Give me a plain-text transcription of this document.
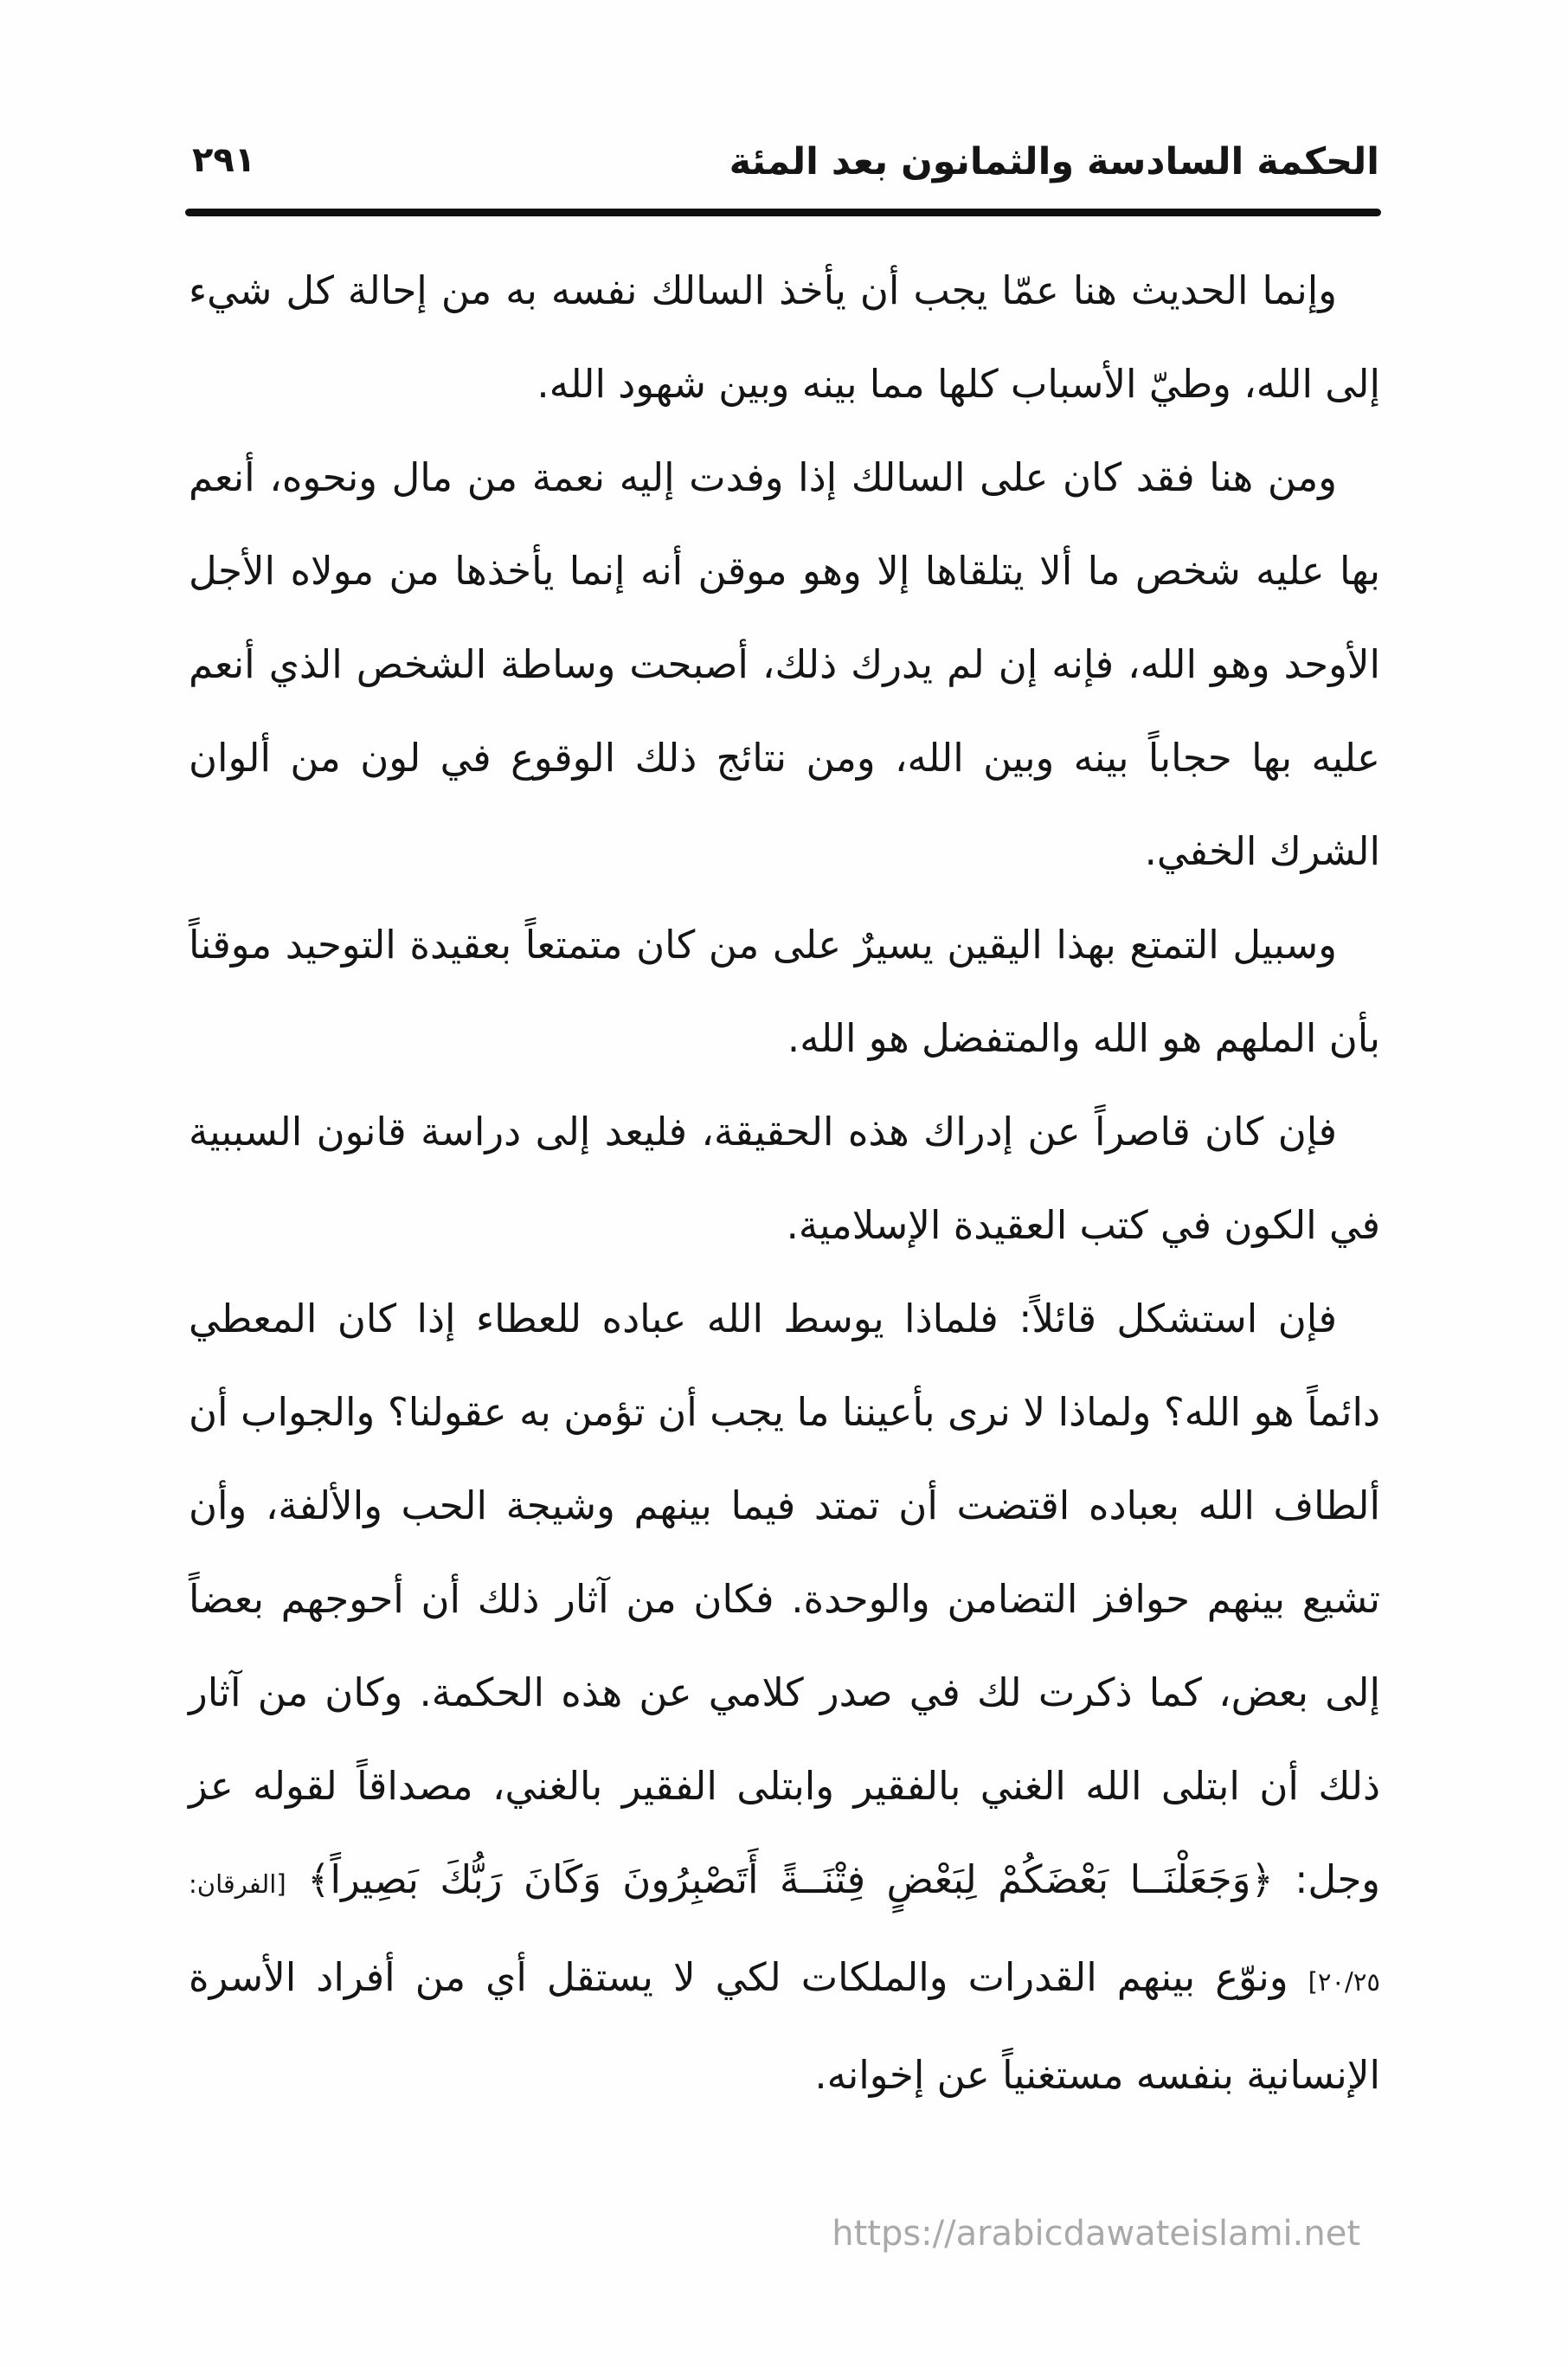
الحكمة السادسة والثمانون بعد المئة
٢٩١

وإنما الحديث هنا عمّا يجب أن يأخذ السالك نفسه به من إحالة كل شيء إلى الله، وطيّ الأسباب كلها مما بينه وبين شهود الله.

ومن هنا فقد كان على السالك إذا وفدت إليه نعمة من مال ونحوه، أنعم بها عليه شخص ما ألا يتلقاها إلا وهو موقن أنه إنما يأخذها من مولاه الأجل الأوحد وهو الله، فإنه إن لم يدرك ذلك، أصبحت وساطة الشخص الذي أنعم عليه بها حجاباً بينه وبين الله، ومن نتائج ذلك الوقوع في لون من ألوان الشرك الخفي.

وسبيل التمتع بهذا اليقين يسيرٌ على من كان متمتعاً بعقيدة التوحيد موقناً بأن الملهم هو الله والمتفضل هو الله.

فإن كان قاصراً عن إدراك هذه الحقيقة، فليعد إلى دراسة قانون السببية في الكون في كتب العقيدة الإسلامية.

فإن استشكل قائلاً: فلماذا يوسط الله عباده للعطاء إذا كان المعطي دائماً هو الله؟ ولماذا لا نرى بأعيننا ما يجب أن تؤمن به عقولنا؟ والجواب أن ألطاف الله بعباده اقتضت أن تمتد فيما بينهم وشيجة الحب والألفة، وأن تشيع بينهم حوافز التضامن والوحدة. فكان من آثار ذلك أن أحوجهم بعضاً إلى بعض، كما ذكرت لك في صدر كلامي عن هذه الحكمة. وكان من آثار ذلك أن ابتلى الله الغني بالفقير وابتلى الفقير بالغني، مصداقاً لقوله عز وجل: ﴿وَجَعَلْنَــا بَعْضَكُمْ لِبَعْضٍ فِتْنَــةً أَتَصْبِرُونَ وَكَانَ رَبُّكَ بَصِيراً﴾ [الفرقان: ٢٠/٢٥] ونوّع بينهم القدرات والملكات لكي لا يستقل أي من أفراد الأسرة الإنسانية بنفسه مستغنياً عن إخوانه.

https://arabicdawateislami.net
